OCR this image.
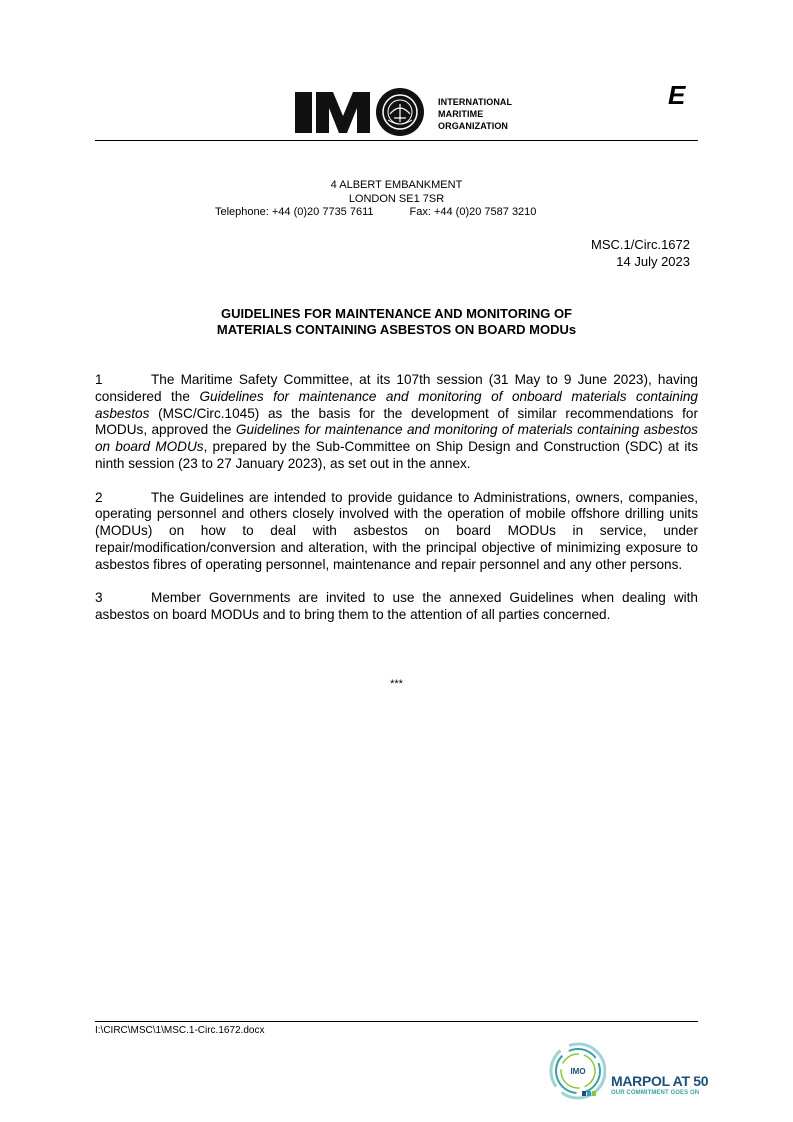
INTERNATIONAL
MARITIME
ORGANIZATION
E

4 ALBERT EMBANKMENT

LONDON SE1 7SR

Telephone: +44 (0)20 7735 7611	Fax: +44 (0)20 7587 3210

MSC.1/Circ.1672
14 July 2023
GUIDELINES FOR MAINTENANCE AND MONITORING OF
MATERIALS CONTAINING ASBESTOS ON BOARD MODUs

1	The Maritime Safety Committee, at its 107th session (31 May to 9 June 2023), having considered the Guidelines for maintenance and monitoring of onboard materials containing asbestos (MSC/Circ.1045) as the basis for the development of similar recommendations for MODUs, approved the Guidelines for maintenance and monitoring of materials containing asbestos on board MODUs, prepared by the Sub-Committee on Ship Design and Construction (SDC) at its ninth session (23 to 27 January 2023), as set out in the annex.

2	The Guidelines are intended to provide guidance to Administrations, owners, companies, operating personnel and others closely involved with the operation of mobile offshore drilling units (MODUs) on how to deal with asbestos on board MODUs in service, under repair/modification/conversion and alteration, with the principal objective of minimizing exposure to asbestos fibres of operating personnel, maintenance and repair personnel and any other persons.

3	Member Governments are invited to use the annexed Guidelines when dealing with asbestos on board MODUs and to bring them to the attention of all parties concerned.

***
I:\CIRC\MSC\1\MSC.1-Circ.1672.docx
IMO
MARPOL AT 50
OUR COMMITMENT GOES ON
